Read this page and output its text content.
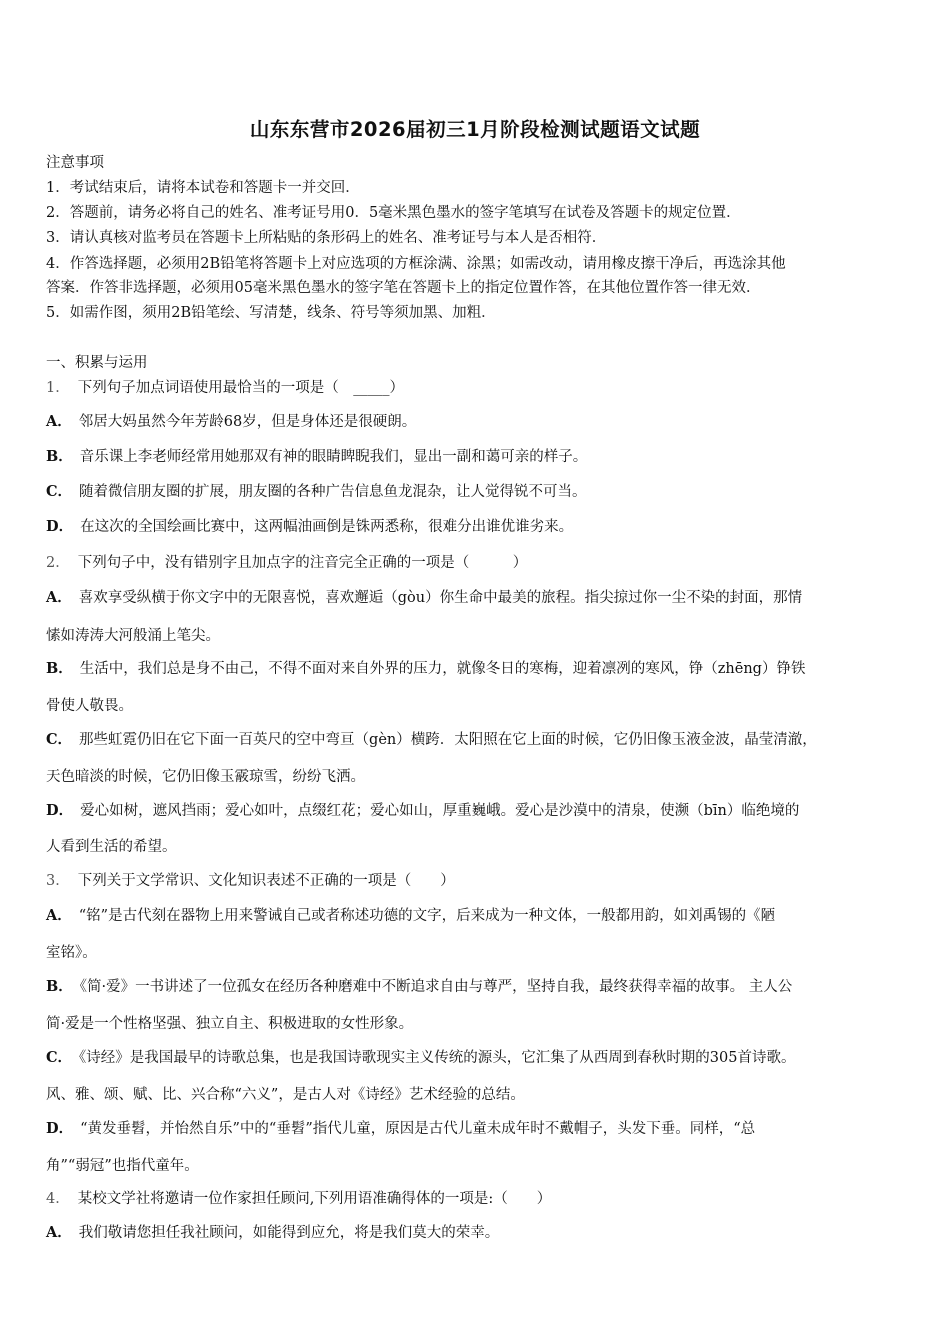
山东东营市2026届初三1月阶段检测试题语文试题
注意事项
1．考试结束后，请将本试卷和答题卡一并交回．
2．答题前，请务必将自己的姓名、准考证号用0．5毫米黑色墨水的签字笔填写在试卷及答题卡的规定位置．
3．请认真核对监考员在答题卡上所粘贴的条形码上的姓名、准考证号与本人是否相符．
4．作答选择题，必须用2B铅笔将答题卡上对应选项的方框涂满、涂黑；如需改动，请用橡皮擦干净后，再选涂其他
答案．作答非选择题，必须用05毫米黑色墨水的签字笔在答题卡上的指定位置作答，在其他位置作答一律无效．
5．如需作图，须用2B铅笔绘、写清楚，线条、符号等须加黑、加粗．
一、积累与运用
1． 下列句子加点词语使用最恰当的一项是（　_____）
A． 邻居大妈虽然今年芳龄68岁，但是身体还是很硬朗。
B． 音乐课上李老师经常用她那双有神的眼睛睥睨我们，显出一副和蔼可亲的样子。
C． 随着微信朋友圈的扩展，朋友圈的各种广告信息鱼龙混杂，让人觉得锐不可当。
D． 在这次的全国绘画比赛中，这两幅油画倒是铢两悉称，很难分出谁优谁劣来。
2． 下列句子中，没有错别字且加点字的注音完全正确的一项是（　　　）
A． 喜欢享受纵横于你文字中的无限喜悦，喜欢邂逅（gòu）你生命中最美的旅程。指尖掠过你一尘不染的封面，那情
愫如涛涛大河般涌上笔尖。
B． 生活中，我们总是身不由己，不得不面对来自外界的压力，就像冬日的寒梅，迎着凛冽的寒风，铮（zhēng）铮铁
骨使人敬畏。
C． 那些虹霓仍旧在它下面一百英尺的空中弯亘（gèn）横跨．太阳照在它上面的时候，它仍旧像玉液金波，晶莹清澈，
天色暗淡的时候，它仍旧像玉霰琼雪，纷纷飞洒。
D． 爱心如树，遮风挡雨；爱心如叶，点缀红花；爱心如山，厚重巍峨。爱心是沙漠中的清泉，使濒（bīn）临绝境的
人看到生活的希望。
3． 下列关于文学常识、文化知识表述不正确的一项是（　　）
A． “铭”是古代刻在器物上用来警诫自己或者称述功德的文字，后来成为一种文体，一般都用韵，如刘禹锡的《陋
室铭》。
B． 《简·爱》一书讲述了一位孤女在经历各种磨难中不断追求自由与尊严，坚持自我，最终获得幸福的故事。 主人公
简·爱是一个性格坚强、独立自主、积极进取的女性形象。
C． 《诗经》是我国最早的诗歌总集，也是我国诗歌现实主义传统的源头，它汇集了从西周到春秋时期的305首诗歌。
风、雅、颂、赋、比、兴合称“六义”，是古人对《诗经》艺术经验的总结。
D． “黄发垂髫，并怡然自乐”中的“垂髫”指代儿童，原因是古代儿童未成年时不戴帽子，头发下垂。同样，“总
角”“弱冠”也指代童年。
4． 某校文学社将邀请一位作家担任顾问,下列用语准确得体的一项是:（　　）
A． 我们敬请您担任我社顾问，如能得到应允，将是我们莫大的荣幸。
